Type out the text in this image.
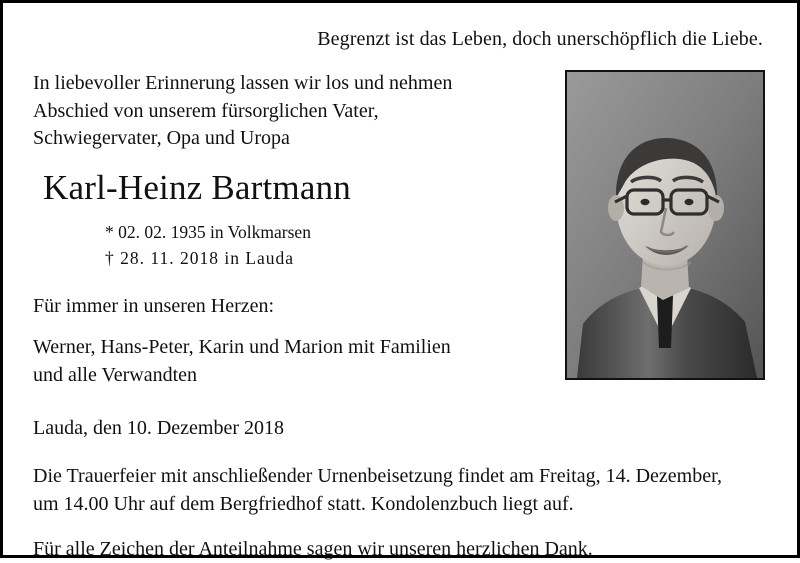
Begrenzt ist das Leben, doch unerschöpflich die Liebe.
In liebevoller Erinnerung lassen wir los und nehmen
Abschied von unserem fürsorglichen Vater,
Schwiegervater, Opa und Uropa
Karl-Heinz Bartmann
* 02. 02. 1935 in Volkmarsen
† 28. 11. 2018 in Lauda
Für immer in unseren Herzen:
Werner, Hans-Peter, Karin und Marion mit Familien
und alle Verwandten
Lauda, den 10. Dezember 2018
Die Trauerfeier mit anschließender Urnenbeisetzung findet am Freitag, 14. Dezember,
um 14.00 Uhr auf dem Bergfriedhof statt. Kondolenzbuch liegt auf.
Für alle Zeichen der Anteilnahme sagen wir unseren herzlichen Dank.
